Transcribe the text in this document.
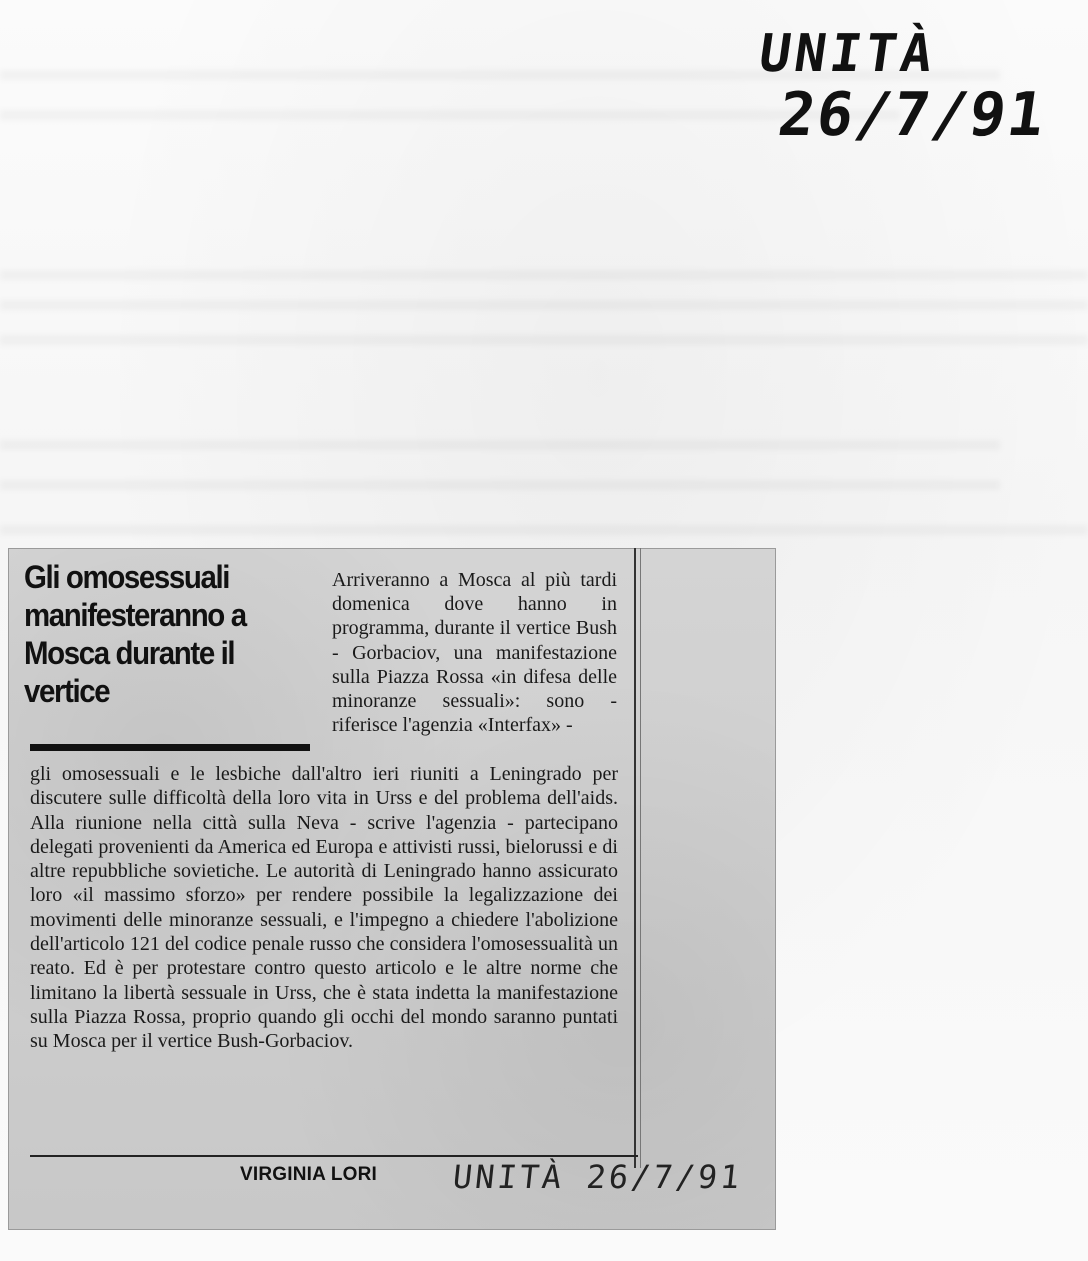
UNITÀ
26/7/91
Gli omosessuali manifesteranno a Mosca durante il vertice

Arriveranno a Mosca al più tardi domenica dove hanno in programma, durante il vertice Bush - Gorbaciov, una manifestazione sulla Piazza Rossa «in difesa delle minoranze sessuali»: sono - riferisce l'agenzia «Interfax» -

gli omosessuali e le lesbiche dall'altro ieri riuniti a Leningrado per discutere sulle difficoltà della loro vita in Urss e del problema dell'aids. Alla riunione nella città sulla Neva - scrive l'agenzia - partecipano delegati provenienti da America ed Europa e attivisti russi, bielorussi e di altre repubbliche sovietiche. Le autorità di Leningrado hanno assicurato loro «il massimo sforzo» per rendere possibile la legalizzazione dei movimenti delle minoranze sessuali, e l'impegno a chiedere l'abolizione dell'articolo 121 del codice penale russo che considera l'omosessualità un reato. Ed è per protestare contro questo articolo e le altre norme che limitano la libertà sessuale in Urss, che è stata indetta la manifestazione sulla Piazza Rossa, proprio quando gli occhi del mondo saranno puntati su Mosca per il vertice Bush-Gorbaciov.

VIRGINIA LORI UNITÀ 26/7/91
